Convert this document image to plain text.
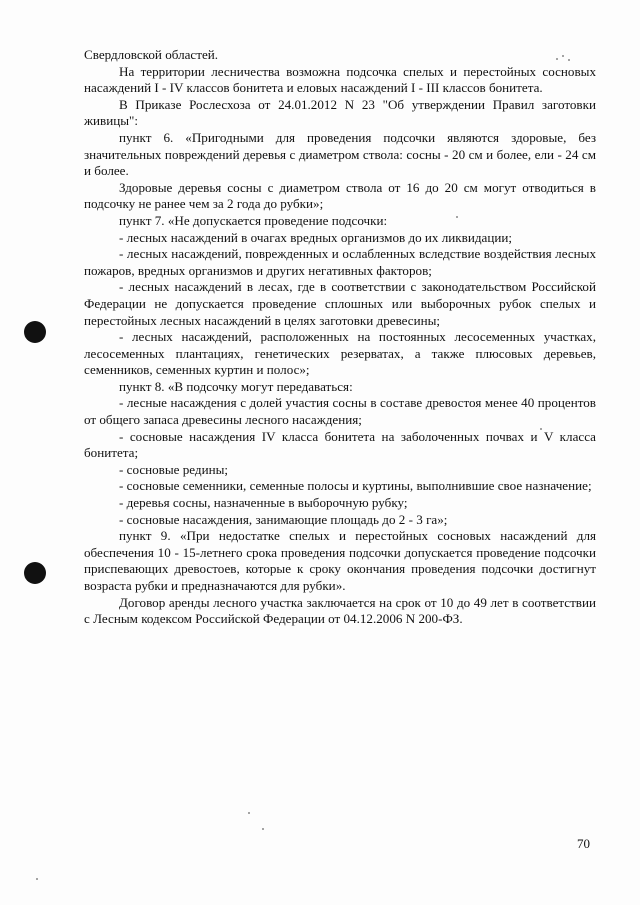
Свердловской областей.

На территории лесничества возможна подсочка спелых и перестойных сосновых насаждений I - IV классов бонитета и еловых насаждений I - III классов бонитета.

В Приказе Рослесхоза от 24.01.2012 N 23 "Об утверждении Правил заготовки живицы":

пункт 6. «Пригодными для проведения подсочки являются здоровые, без значительных повреждений деревья с диаметром ствола: сосны - 20 см и более, ели - 24 см и более.

Здоровые деревья сосны с диаметром ствола от 16 до 20 см могут отводиться в подсочку не ранее чем за 2 года до рубки»;

пункт 7. «Не допускается проведение подсочки:

- лесных насаждений в очагах вредных организмов до их ликвидации;

- лесных насаждений, поврежденных и ослабленных вследствие воздействия лесных пожаров, вредных организмов и других негативных факторов;

- лесных насаждений в лесах, где в соответствии с законодательством Российской Федерации не допускается проведение сплошных или выборочных рубок спелых и перестойных лесных насаждений в целях заготовки древесины;

- лесных насаждений, расположенных на постоянных лесосеменных участках, лесосеменных плантациях, генетических резерватах, а также плюсовых деревьев, семенников, семенных куртин и полос»;

пункт 8. «В подсочку могут передаваться:

- лесные насаждения с долей участия сосны в составе древостоя менее 40 процентов от общего запаса древесины лесного насаждения;

- сосновые насаждения IV класса бонитета на заболоченных почвах и V класса бонитета;

- сосновые редины;

- сосновые семенники, семенные полосы и куртины, выполнившие свое назначение;

- деревья сосны, назначенные в выборочную рубку;

- сосновые насаждения, занимающие площадь до 2 - 3 га»;

пункт 9. «При недостатке спелых и перестойных сосновых насаждений для обеспечения 10 - 15-летнего срока проведения подсочки допускается проведение подсочки приспевающих древостоев, которые к сроку окончания проведения подсочки достигнут возраста рубки и предназначаются для рубки».

Договор аренды лесного участка заключается на срок от 10 до 49 лет в соответствии с Лесным кодексом Российской Федерации от 04.12.2006 N 200-ФЗ.

70
